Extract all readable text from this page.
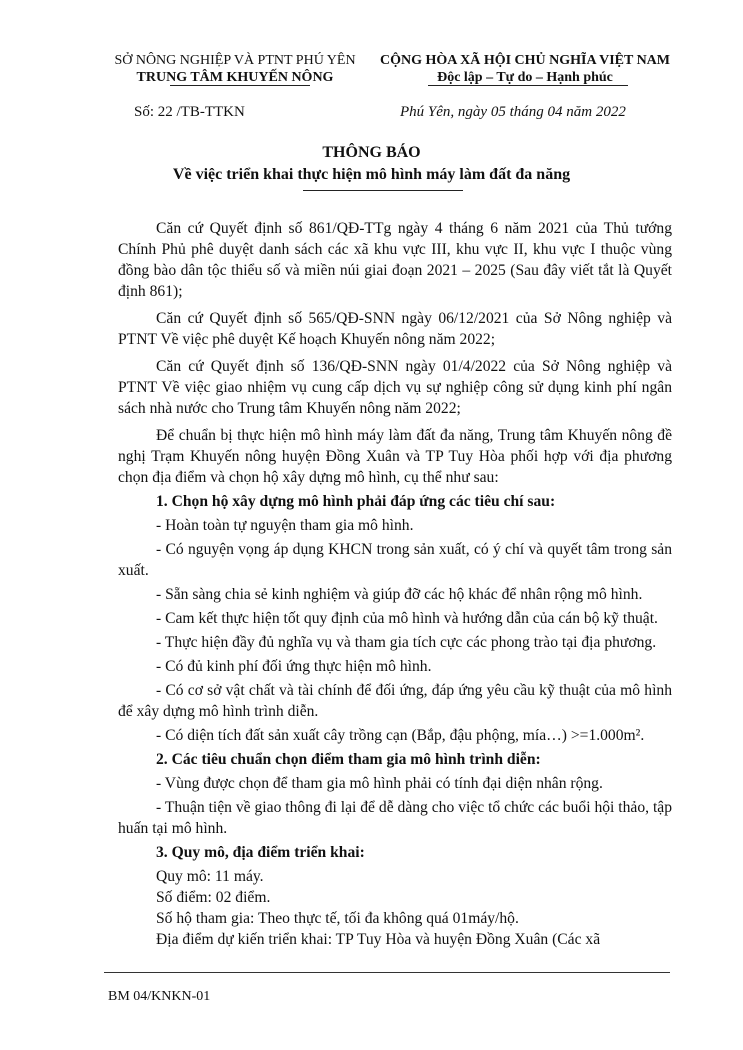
SỞ NÔNG NGHIỆP VÀ PTNT PHÚ YÊN
TRUNG TÂM KHUYẾN NÔNG
CỘNG HÒA XÃ HỘI CHỦ NGHĨA VIỆT NAM
Độc lập – Tự do – Hạnh phúc
Số: 22 /TB-TTKN	Phú Yên, ngày 05 tháng 04 năm 2022
THÔNG BÁO
Về việc triển khai thực hiện mô hình máy làm đất đa năng

Căn cứ Quyết định số 861/QĐ-TTg ngày 4 tháng 6 năm 2021 của Thủ tướng Chính Phủ phê duyệt danh sách các xã khu vực III, khu vực II, khu vực I thuộc vùng đồng bào dân tộc thiểu số và miền núi giai đoạn 2021 – 2025 (Sau đây viết tắt là Quyết định 861);

Căn cứ Quyết định số 565/QĐ-SNN ngày 06/12/2021 của Sở Nông nghiệp và PTNT Về việc phê duyệt Kế hoạch Khuyến nông năm 2022;

Căn cứ Quyết định số 136/QĐ-SNN ngày 01/4/2022 của Sở Nông nghiệp và PTNT Về việc giao nhiệm vụ cung cấp dịch vụ sự nghiệp công sử dụng kinh phí ngân sách nhà nước cho Trung tâm Khuyến nông năm 2022;

Để chuẩn bị thực hiện mô hình máy làm đất đa năng, Trung tâm Khuyến nông đề nghị Trạm Khuyến nông huyện Đồng Xuân và TP Tuy Hòa phối hợp với địa phương chọn địa điểm và chọn hộ xây dựng mô hình, cụ thể như sau:

1. Chọn hộ xây dựng mô hình phải đáp ứng các tiêu chí sau:

- Hoàn toàn tự nguyện tham gia mô hình.

- Có nguyện vọng áp dụng KHCN trong sản xuất, có ý chí và quyết tâm trong sản xuất.

- Sẵn sàng chia sẻ kinh nghiệm và giúp đỡ các hộ khác để nhân rộng mô hình.

- Cam kết thực hiện tốt quy định của mô hình và hướng dẫn của cán bộ kỹ thuật.

- Thực hiện đầy đủ nghĩa vụ và tham gia tích cực các phong trào tại địa phương.

- Có đủ kinh phí đối ứng thực hiện mô hình.

- Có cơ sở vật chất và tài chính để đối ứng, đáp ứng yêu cầu kỹ thuật của mô hình để xây dựng mô hình trình diễn.

- Có diện tích đất sản xuất cây trồng cạn (Bắp, đậu phộng, mía…) >=1.000m².

2. Các tiêu chuẩn chọn điểm tham gia mô hình trình diễn:

- Vùng được chọn để tham gia mô hình phải có tính đại diện nhân rộng.

- Thuận tiện về giao thông đi lại để dễ dàng cho việc tổ chức các buổi hội thảo, tập huấn tại mô hình.

3. Quy mô, địa điểm triển khai:

Quy mô: 11 máy.

Số điểm: 02 điểm.

Số hộ tham gia: Theo thực tế, tối đa không quá 01máy/hộ.

Địa điểm dự kiến triển khai: TP Tuy Hòa và huyện Đồng Xuân (Các xã

BM 04/KNKN-01
